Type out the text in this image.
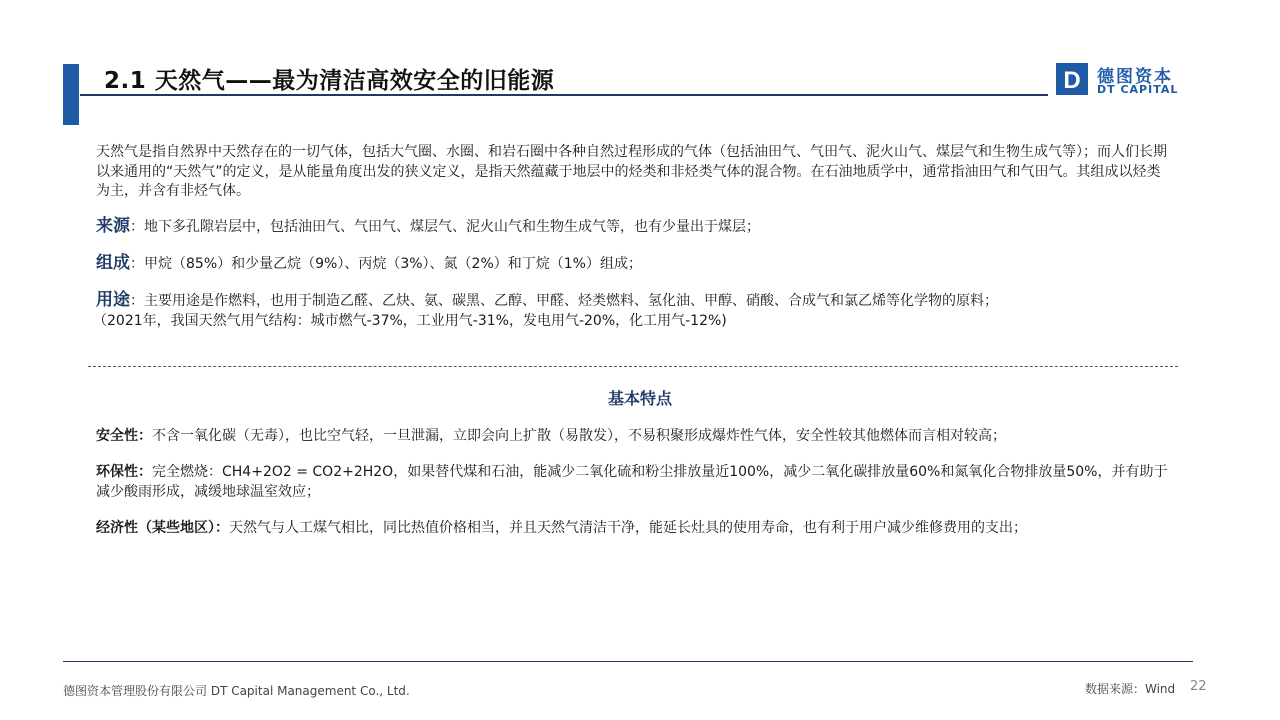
2.1 天然气——最为清洁高效安全的旧能源	D 德图资本
DT CAPITAL

天然气是指自然界中天然存在的一切气体，包括大气圈、水圈、和岩石圈中各种自然过程形成的气体（包括油田气、气田气、泥火山气、煤层气和生物生成气等）；而人们长期以来通用的“天然气”的定义，是从能量角度出发的狭义定义，是指天然蕴藏于地层中的烃类和非烃类气体的混合物。在石油地质学中，通常指油田气和气田气。其组成以烃类为主，并含有非烃气体。

来源：地下多孔隙岩层中，包括油田气、气田气、煤层气、泥火山气和生物生成气等，也有少量出于煤层；

组成：甲烷（85%）和少量乙烷（9%）、丙烷（3%）、氮（2%）和丁烷（1%）组成；

用途：主要用途是作燃料，也用于制造乙醛、乙炔、氨、碳黑、乙醇、甲醛、烃类燃料、氢化油、甲醇、硝酸、合成气和氯乙烯等化学物的原料；
（2021年，我国天然气用气结构：城市燃气-37%，工业用气-31%，发电用气-20%，化工用气-12%)

基本特点

安全性：不含一氧化碳（无毒），也比空气轻，一旦泄漏，立即会向上扩散（易散发），不易积聚形成爆炸性气体，安全性较其他燃体而言相对较高；

环保性：完全燃烧：CH4+2O2 = CO2+2H2O，如果替代煤和石油，能减少二氧化硫和粉尘排放量近100%，减少二氧化碳排放量60%和氮氧化合物排放量50%，并有助于减少酸雨形成，减缓地球温室效应；

经济性（某些地区）：天然气与人工煤气相比，同比热值价格相当，并且天然气清洁干净，能延长灶具的使用寿命，也有利于用户减少维修费用的支出；

德图资本管理股份有限公司 DT Capital Management Co., Ltd.	数据来源：Wind 22
